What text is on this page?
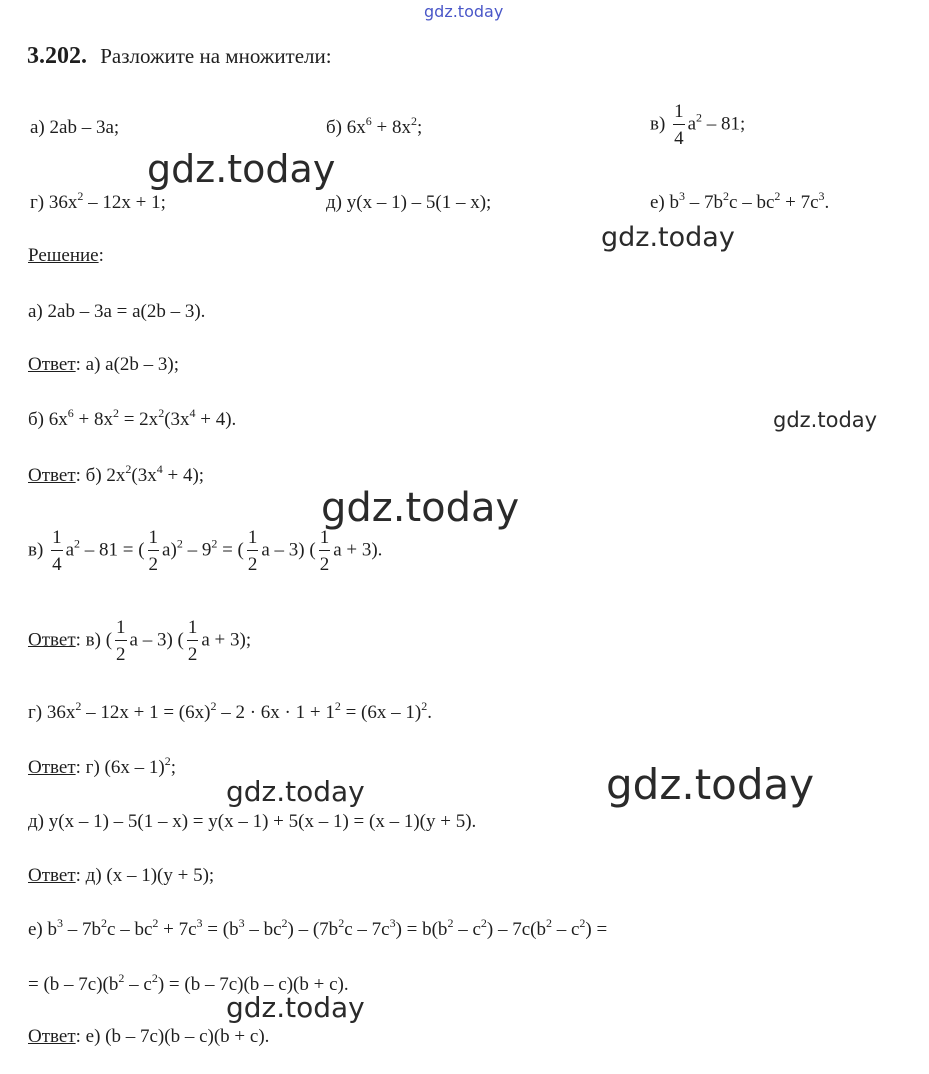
gdz.today
gdz.today
gdz.today
gdz.today
gdz.today
gdz.today	gdz.today
gdz.today
3.202. Разложите на множители:
а) 2ab – 3a;	б) $6x^6 + 8x^2$;	$в) \frac{1}{4} a^2 - 81$;
г) $36x^2 - 12x + 1$;	д) y(x – 1) – 5(1 – x);	е) $b^3 - 7b^2c - bc^2 + 7c^3$.
Решение:
а) 2ab – 3a = a(2b – 3).
Ответ: а) a(2b – 3);
б) $6x^6 + 8x^2 = 2x^2(3x^4 + 4)$.
Ответ: б) $2x^2(3x^4 + 4)$;
$в) \frac{1}{4} a^2 - 81$ = ( $\frac{1}{2} a)^2 - 9^2$ = ( $\frac{1}{2}$ a – 3) ( $\frac{1}{2}$ a + 3).
Ответ: в) ( $\frac{1}{2}$ a – 3) ( $\frac{1}{2}$ a + 3);
г) $36x^2 - 12x + 1 = (6x)^2 - 2 \cdot 6x \cdot 1 + 1^2 = (6x - 1)^2$.
Ответ: г) (6x – 1)$^2$;
д) y(x – 1) – 5(1 – x) = y(x – 1) + 5(x – 1) = (x – 1)(y + 5).
Ответ: д) (x – 1)(y + 5);
е) $b^3 - 7b^2c - bc^2 + 7c^3 = (b^3 - bc^2) - (7b^2c - 7c^3) = b(b^2 - c^2) - 7c(b^2 - c^2)$ =
= $(b - 7c)(b^2 - c^2) = (b - 7c)(b - c)(b + c)$.
Ответ: е) (b – 7c)(b – c)(b + c).
